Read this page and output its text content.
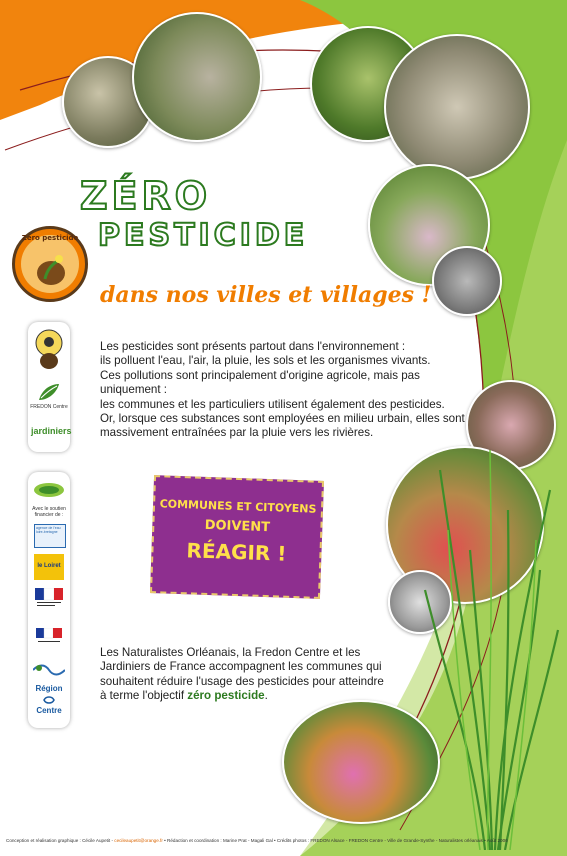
Zéro pesticide
ZÉRO
PESTICIDE
dans nos villes et villages !
FREDON Centre
jardiniers
Les pesticides sont présents partout dans l'environnement :
ils polluent l'eau, l'air, la pluie, les sols et les organismes vivants.
Ces pollutions sont principalement d'origine agricole, mais pas uniquement :
les communes et les particuliers utilisent également des pesticides.
Or, lorsque ces substances sont employées en milieu urbain, elles sont
massivement entraînées par la pluie vers les rivières.
COMMUNES ET CITOYENS
DOIVENT
RÉAGIR !
Avec le soutien financier de :
agence de l'eau loire-bretagne
le Loiret
Région
Centre
Les Naturalistes Orléanais, la Fredon Centre et les
Jardiniers de France accompagnent les communes qui
souhaitent réduire l'usage des pesticides pour atteindre
à terme l'objectif zéro pesticide.
Conception et réalisation graphique : Cécile Aupetit - cecileaupetit@orange.fr • Rédaction et coordination : Marine Prat - Magali Gal • Crédits photos : FREDON Alsace - FREDON Centre - Ville de Grande-Synthe - Naturalistes orléanais • Août 2006
